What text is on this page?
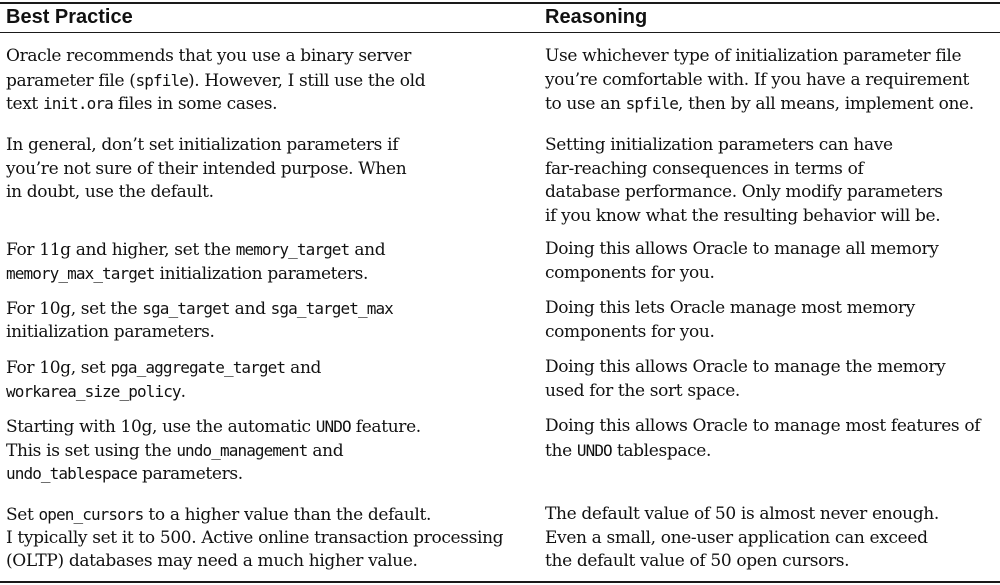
Best Practice	Reasoning
Oracle recommends that you use a binary server
parameter file (spfile). However, I still use the old
text init.ora files in some cases.
Use whichever type of initialization parameter file
you’re comfortable with. If you have a requirement
to use an spfile, then by all means, implement one.
In general, don’t set initialization parameters if
you’re not sure of their intended purpose. When
in doubt, use the default.
Setting initialization parameters can have
far-reaching consequences in terms of
database performance. Only modify parameters
if you know what the resulting behavior will be.
For 11g and higher, set the memory_target and
memory_max_target initialization parameters.
Doing this allows Oracle to manage all memory
components for you.
For 10g, set the sga_target and sga_target_max
initialization parameters.
Doing this lets Oracle manage most memory
components for you.
For 10g, set pga_aggregate_target and
workarea_size_policy.
Doing this allows Oracle to manage the memory
used for the sort space.
Starting with 10g, use the automatic UNDO feature.
This is set using the undo_management and
undo_tablespace parameters.
Doing this allows Oracle to manage most features of
the UNDO tablespace.
Set open_cursors to a higher value than the default.
I typically set it to 500. Active online transaction processing
(OLTP) databases may need a much higher value.
The default value of 50 is almost never enough.
Even a small, one-user application can exceed
the default value of 50 open cursors.
